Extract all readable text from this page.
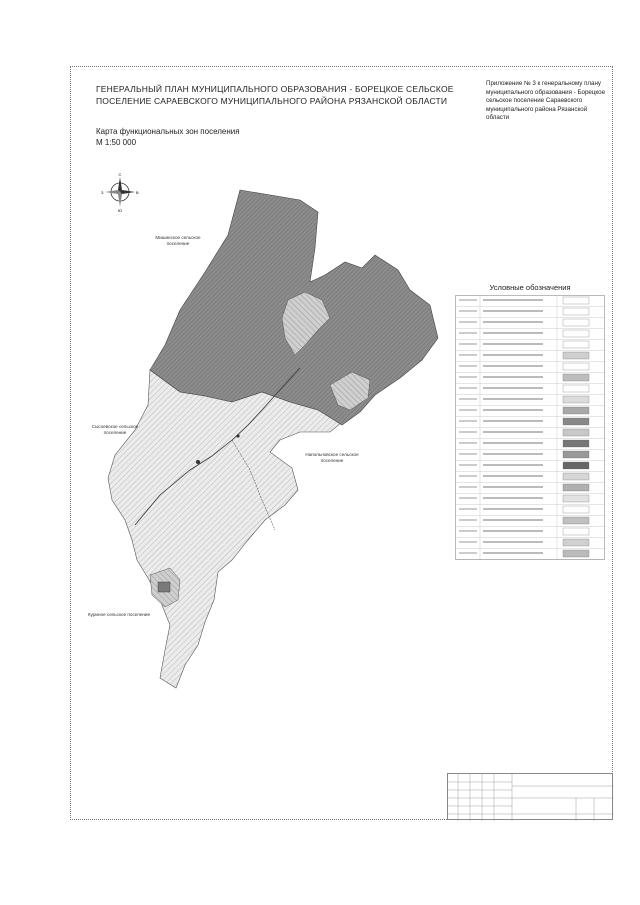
ГЕНЕРАЛЬНЫЙ ПЛАН МУНИЦИПАЛЬНОГО ОБРАЗОВАНИЯ - БОРЕЦКОЕ СЕЛЬСКОЕ ПОСЕЛЕНИЕ САРАЕВСКОГО МУНИЦИПАЛЬНОГО РАЙОНА РЯЗАНСКОЙ ОБЛАСТИ
Приложение № 3 к генеральному плану муниципального образования - Борецкое сельское поселение Сараевского муниципального района Рязанской области
Карта функциональных зон поселения
М 1:50 000
С
Ю
З	В
Мишинское сельское поселение
Сысоевское сельское поселение
Напольновское сельское поселение
Куриное сельское поселение
Условные обозначения
